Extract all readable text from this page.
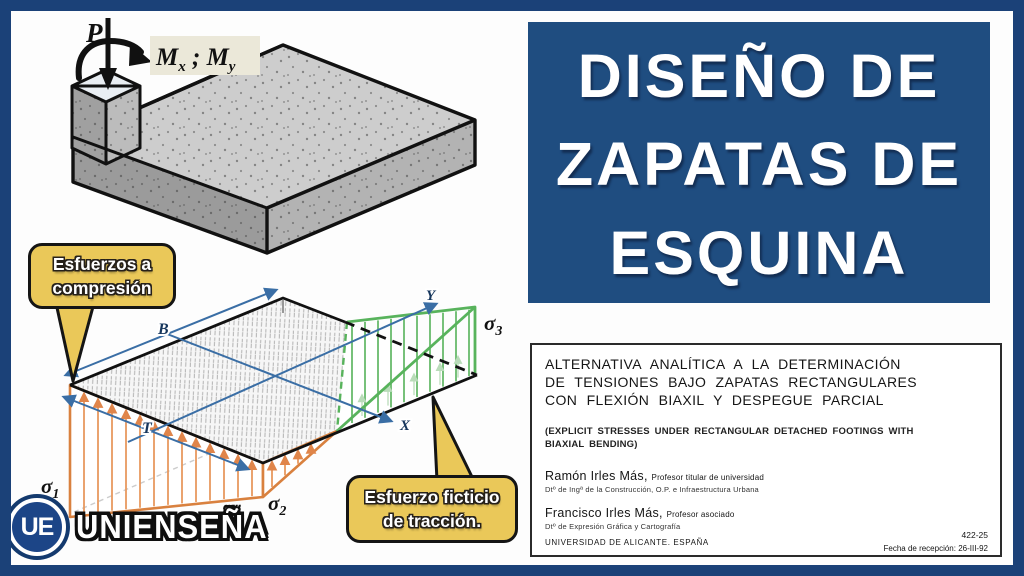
P
$M_x$ ; $M_y$
B
T	X
Y
$\sigma_1$	$\sigma_2$
$\sigma_3$
Esfuerzos a
compresión
Esfuerzo ficticio
de tracción.
UE UNIENSEÑA
DISEÑO DE
ZAPATAS DE
ESQUINA
ALTERNATIVA ANALÍTICA A LA DETERMINACIÓN
DE TENSIONES BAJO ZAPATAS RECTANGULARES
CON FLEXIÓN BIAXIL Y DESPEGUE PARCIAL
(EXPLICIT STRESSES UNDER RECTANGULAR DETACHED FOOTINGS WITH
BIAXIAL BENDING)
Ramón Irles Más, Profesor titular de universidad
Dtº de Ingª de la Construcción, O.P. e Infraestructura Urbana
Francisco Irles Más, Profesor asociado
Dtº de Expresión Gráfica y Cartografía
UNIVERSIDAD DE ALICANTE. ESPAÑA
422-25
Fecha de recepción: 26-III-92
